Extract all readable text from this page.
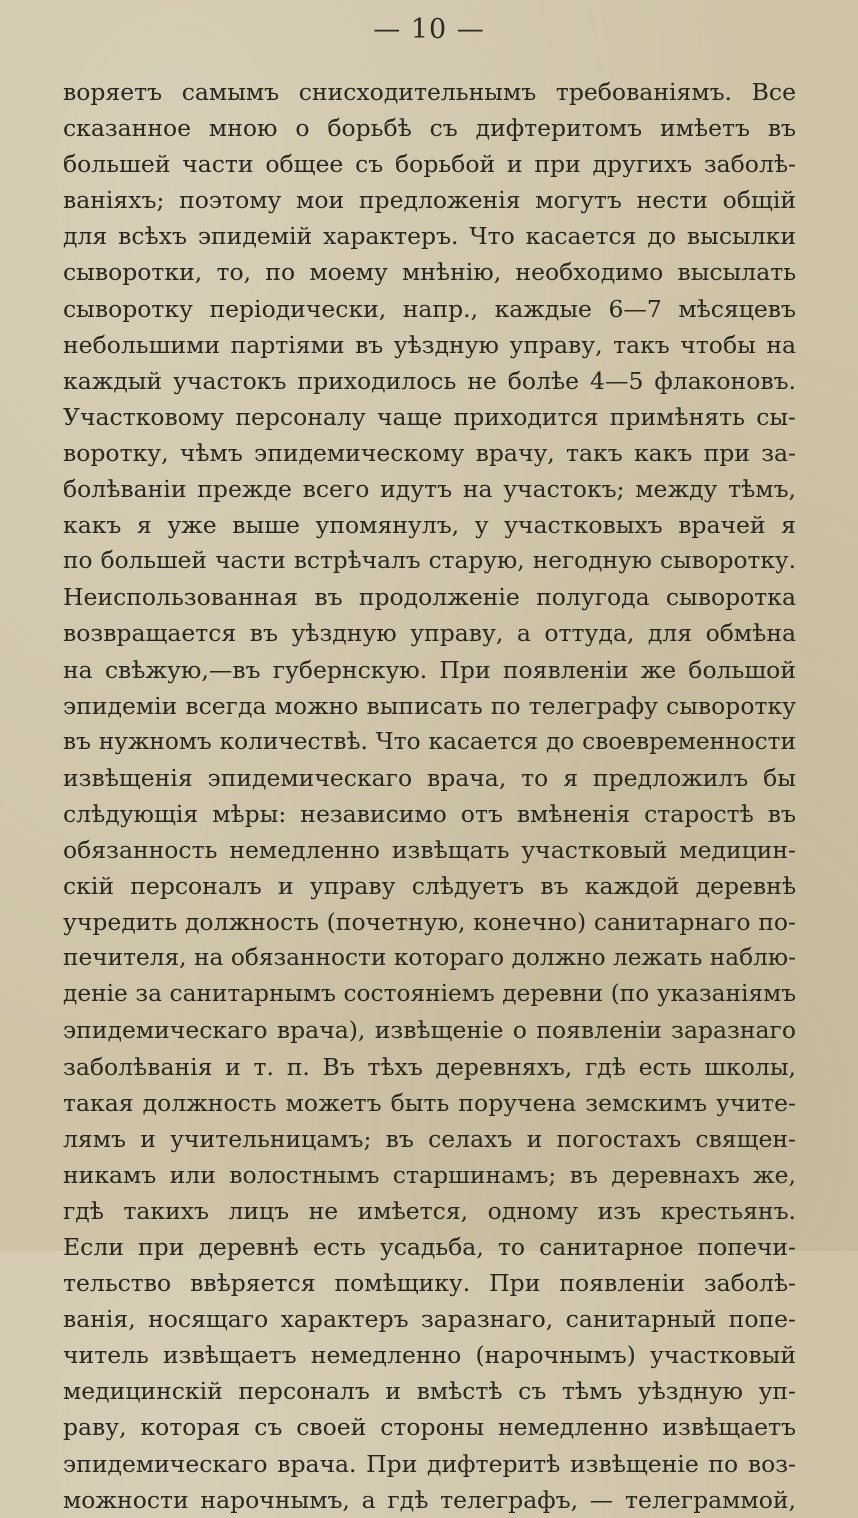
— 10 —
воряетъ самымъ снисходительнымъ требованіямъ. Все
сказанное мною о борьбѣ съ дифтеритомъ имѣетъ въ
большей части общее съ борьбой и при другихъ заболѣ-
ваніяхъ; поэтому мои предложенія могутъ нести общій
для всѣхъ эпидемій характеръ. Что касается до высылки
сыворотки, то, по моему мнѣнію, необходимо высылать
сыворотку періодически, напр., каждые 6—7 мѣсяцевъ
небольшими партіями въ уѣздную управу, такъ чтобы на
каждый участокъ приходилось не болѣе 4—5 флаконовъ.
Участковому персоналу чаще приходится примѣнять сы-
воротку, чѣмъ эпидемическому врачу, такъ какъ при за-
болѣваніи прежде всего идутъ на участокъ; между тѣмъ,
какъ я уже выше упомянулъ, у участковыхъ врачей я
по большей части встрѣчалъ старую, негодную сыворотку.
Неиспользованная въ продолженіе полугода сыворотка
возвращается въ уѣздную управу, а оттуда, для обмѣна
на свѣжую,—въ губернскую. При появленіи же большой
эпидеміи всегда можно выписать по телеграфу сыворотку
въ нужномъ количествѣ. Что касается до своевременности
извѣщенія эпидемическаго врача, то я предложилъ бы
слѣдующія мѣры: независимо отъ вмѣненія старостѣ въ
обязанность немедленно извѣщать участковый медицин-
скій персоналъ и управу слѣдуетъ въ каждой деревнѣ
учредить должность (почетную, конечно) санитарнаго по-
печителя, на обязанности котораго должно лежать наблю-
деніе за санитарнымъ состояніемъ деревни (по указаніямъ
эпидемическаго врача), извѣщеніе о появленіи заразнаго
заболѣванія и т. п. Въ тѣхъ деревняхъ, гдѣ есть школы,
такая должность можетъ быть поручена земскимъ учите-
лямъ и учительницамъ; въ селахъ и погостахъ священ-
никамъ или волостнымъ старшинамъ; въ деревнахъ же,
гдѣ такихъ лицъ не имѣется, одному изъ крестьянъ.
Если при деревнѣ есть усадьба, то санитарное попечи-
тельство ввѣряется помѣщику. При появленіи заболѣ-
ванія, носящаго характеръ заразнаго, санитарный попе-
читель извѣщаетъ немедленно (нарочнымъ) участковый
медицинскій персоналъ и вмѣстѣ съ тѣмъ уѣздную уп-
раву, которая съ своей стороны немедленно извѣщаетъ
эпидемическаго врача. При дифтеритѣ извѣщеніе по воз-
можности нарочнымъ, а гдѣ телеграфъ, — телеграммой,
